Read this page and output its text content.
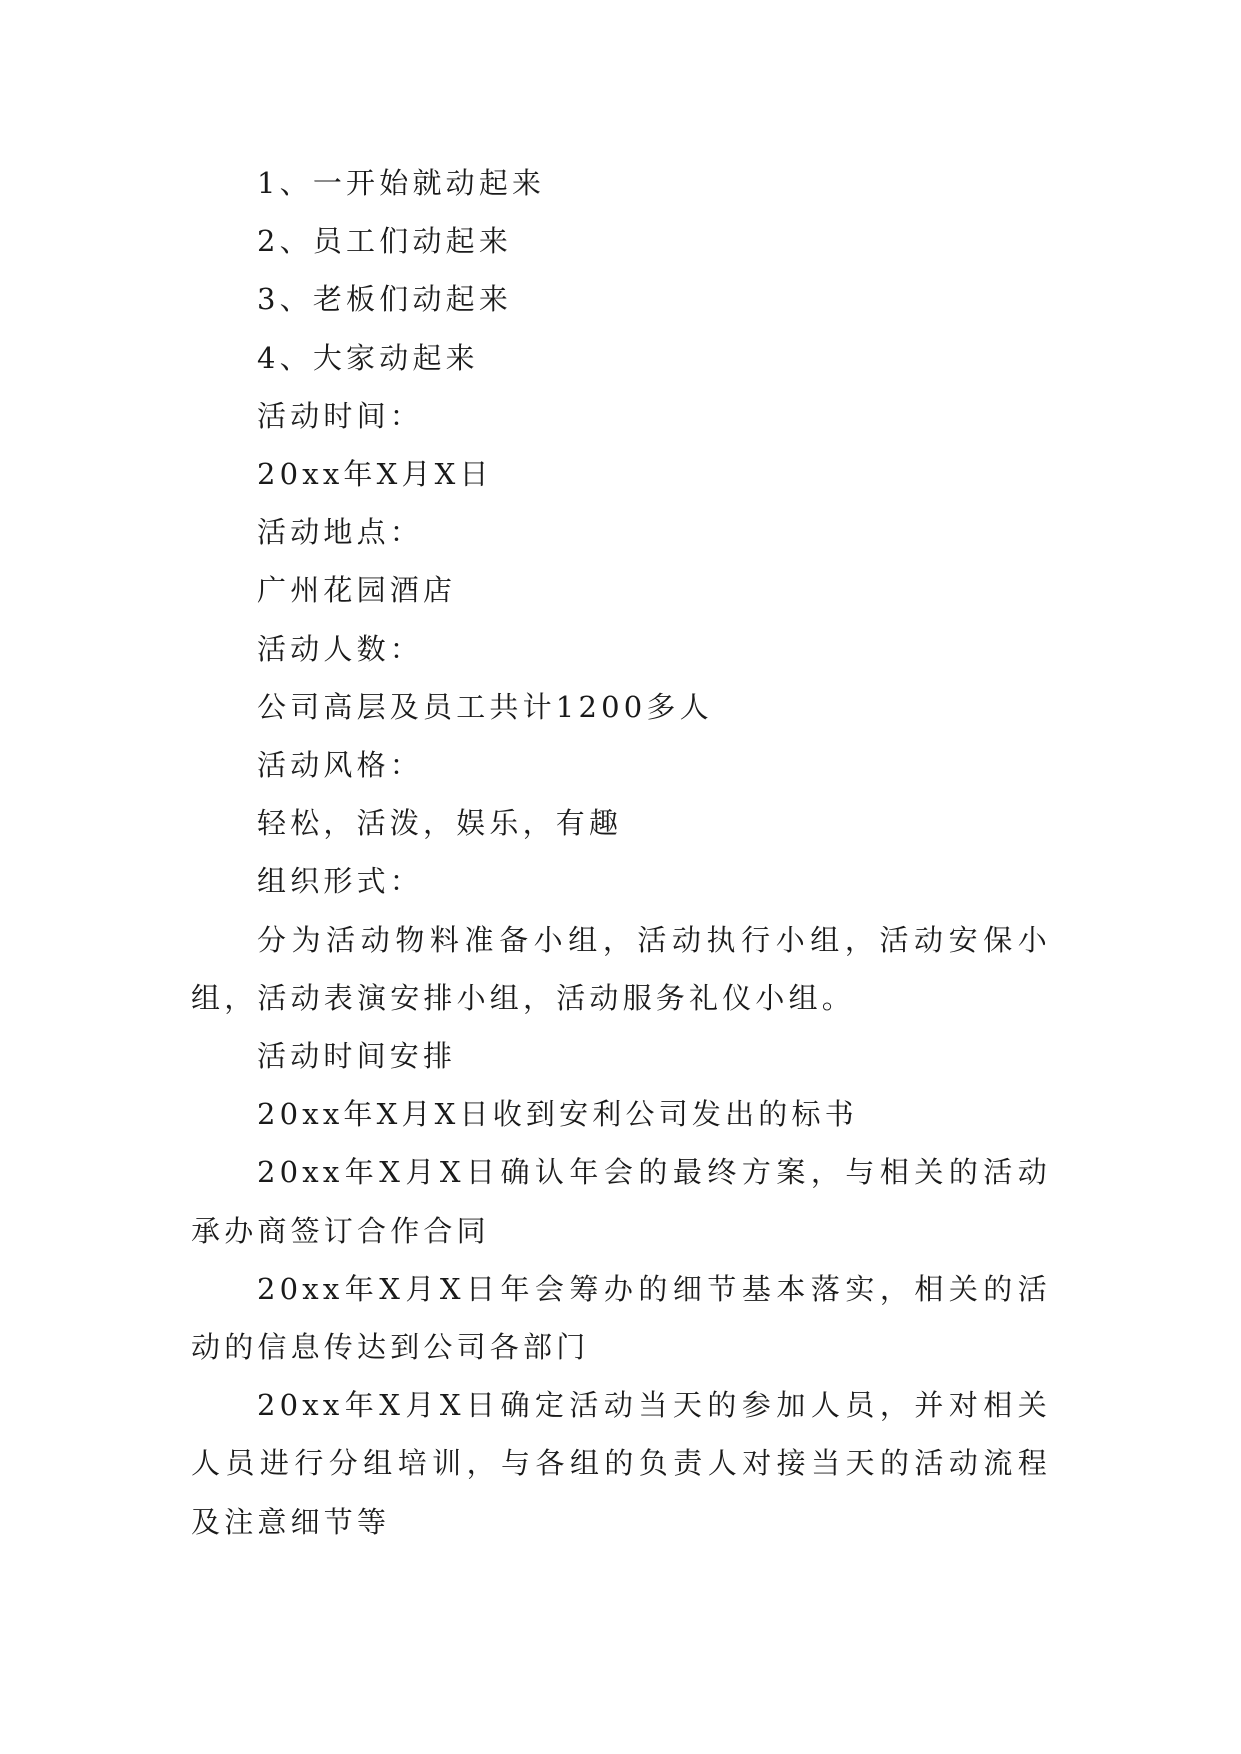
1、一开始就动起来

2、员工们动起来

3、老板们动起来

4、大家动起来

活动时间：

20xx年X月X日

活动地点：

广州花园酒店

活动人数：

公司高层及员工共计1200多人

活动风格：

轻松，活泼，娱乐，有趣

组织形式：

分为活动物料准备小组，活动执行小组，活动安保小组，活动表演安排小组，活动服务礼仪小组。

活动时间安排

20xx年X月X日收到安利公司发出的标书

20xx年X月X日确认年会的最终方案，与相关的活动承办商签订合作合同

20xx年X月X日年会筹办的细节基本落实，相关的活动的信息传达到公司各部门

20xx年X月X日确定活动当天的参加人员，并对相关人员进行分组培训，与各组的负责人对接当天的活动流程及注意细节等
